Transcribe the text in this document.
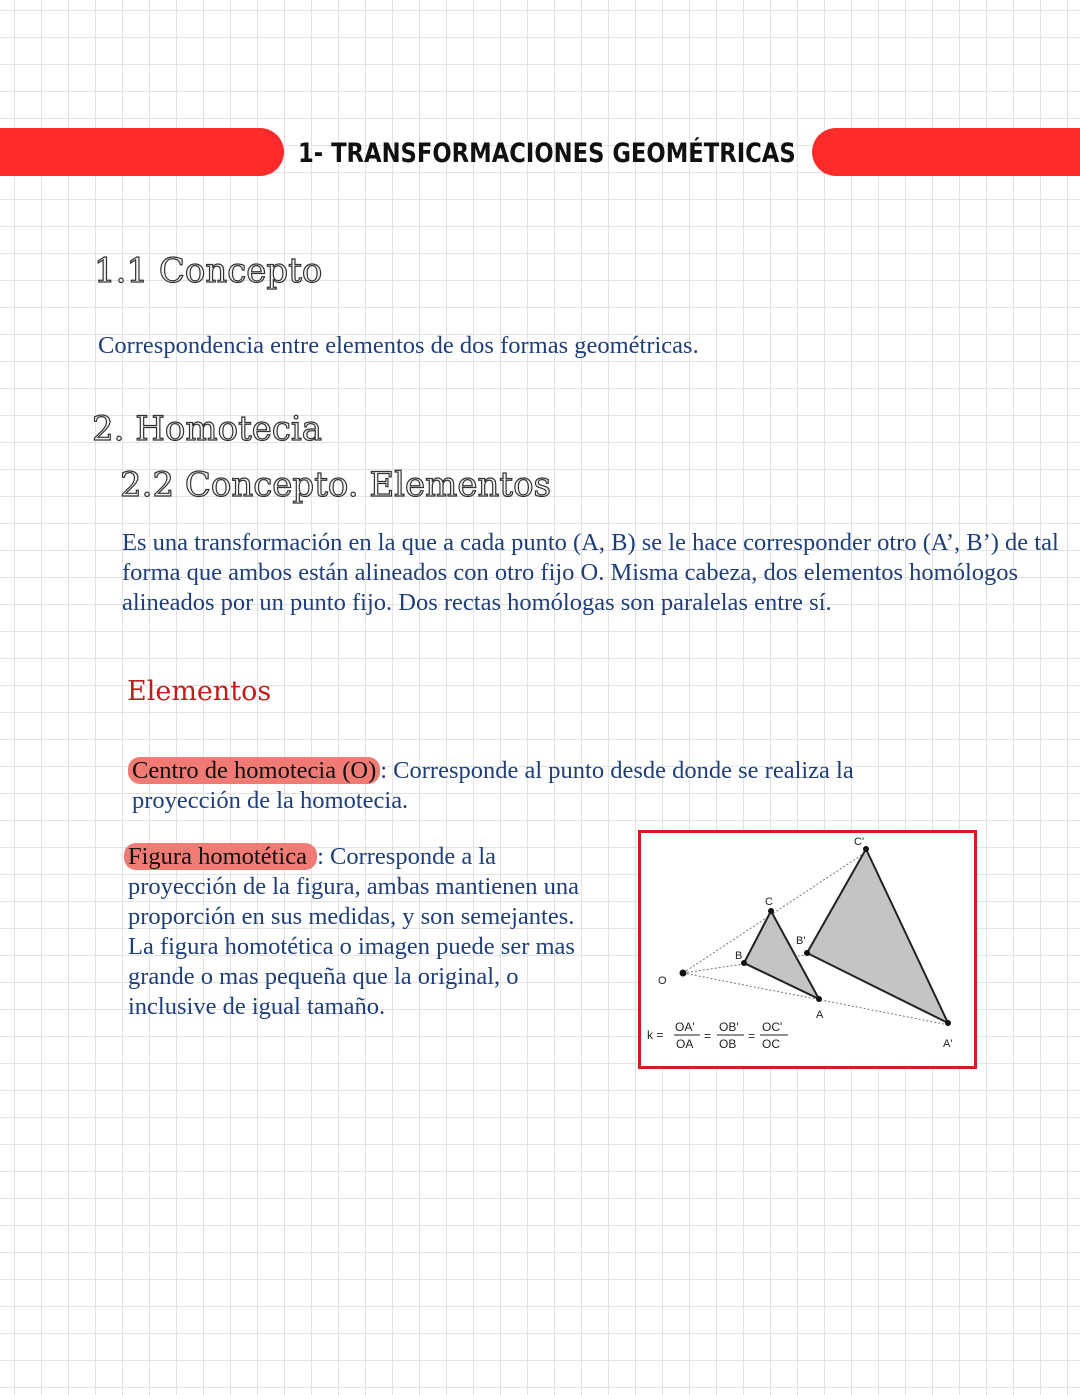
1- TRANSFORMACIONES GEOMÉTRICAS
1.1 Concepto

Correspondencia entre elementos de dos formas geométricas.

2. Homotecia
2.2 Concepto. Elementos

Es una transformación en la que a cada punto (A, B) se le hace corresponder otro (A’, B’) de tal forma que ambos están alineados con otro fijo O. Misma cabeza, dos elementos homólogos alineados por un punto fijo. Dos rectas homólogas son paralelas entre sí.

Elementos

Centro de homotecia (O) : Corresponde al punto desde donde se realiza la proyección de la homotecia.

Figura homotética : Corresponde a la proyección de la figura, ambas mantienen una proporción en sus medidas, y son semejantes. La figura homotética o imagen puede ser mas grande o mas pequeña que la original, o inclusive de igual tamaño.

O
B
C
A
B'
C'
A'
k =
OA'
OA
=
OB'
OB
=
OC'
OC
